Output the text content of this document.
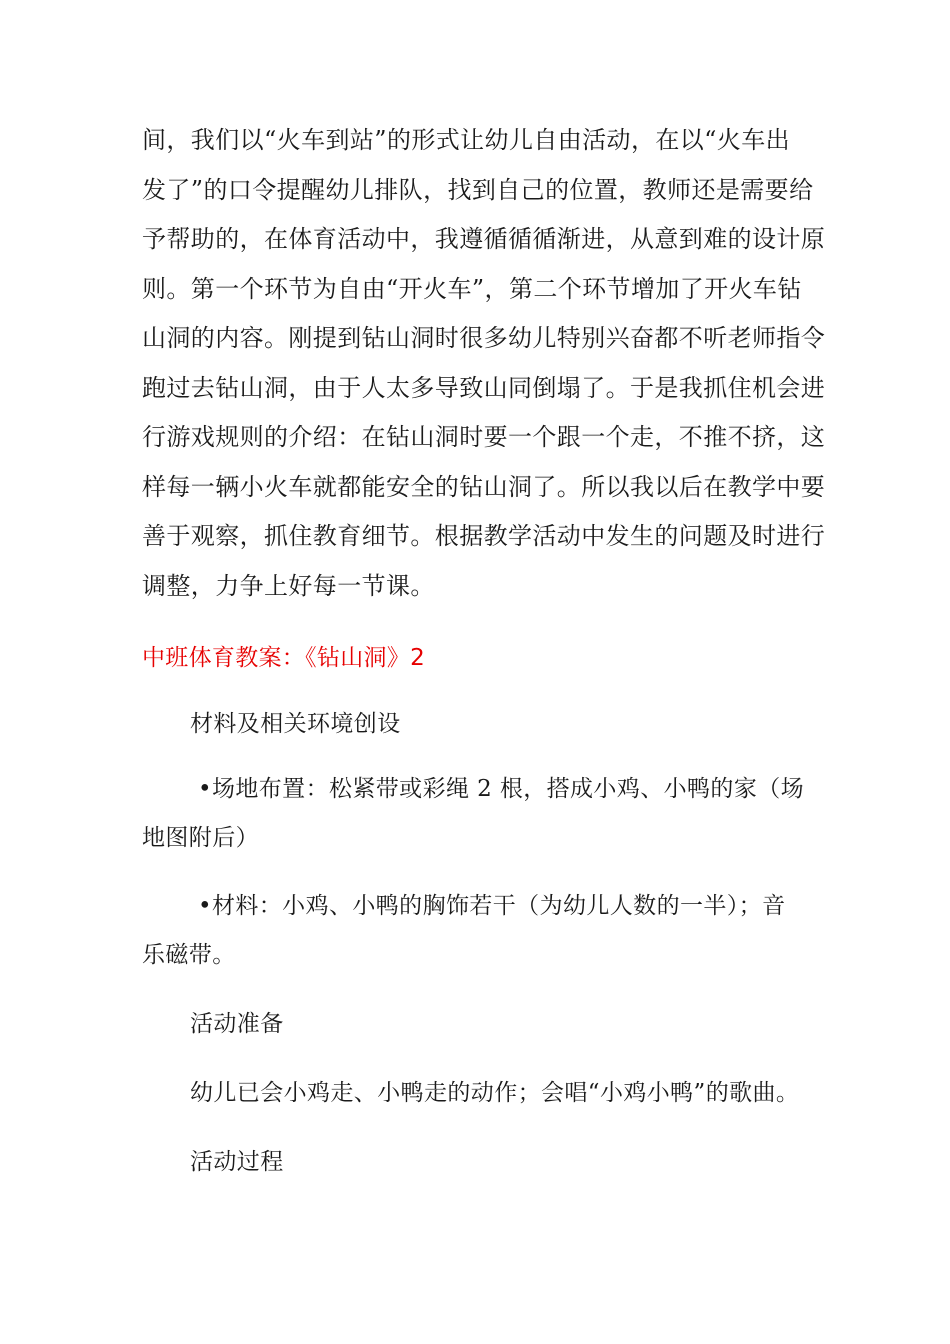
间，我们以“火车到站”的形式让幼儿自由活动，在以“火车出
发了”的口令提醒幼儿排队，找到自己的位置，教师还是需要给
予帮助的，在体育活动中，我遵循循循渐进，从意到难的设计原
则。第一个环节为自由“开火车”，第二个环节增加了开火车钻
山洞的内容。刚提到钻山洞时很多幼儿特别兴奋都不听老师指令
跑过去钻山洞，由于人太多导致山同倒塌了。于是我抓住机会进
行游戏规则的介绍：在钻山洞时要一个跟一个走，不推不挤，这
样每一辆小火车就都能安全的钻山洞了。所以我以后在教学中要
善于观察，抓住教育细节。根据教学活动中发生的问题及时进行
调整，力争上好每一节课。
中班体育教案：《钻山洞》2
材料及相关环境创设
•场地布置：松紧带或彩绳 2 根，搭成小鸡、小鸭的家（场
地图附后）
•材料：小鸡、小鸭的胸饰若干（为幼儿人数的一半）；音
乐磁带。
活动准备
幼儿已会小鸡走、小鸭走的动作；会唱“小鸡小鸭”的歌曲。
活动过程
